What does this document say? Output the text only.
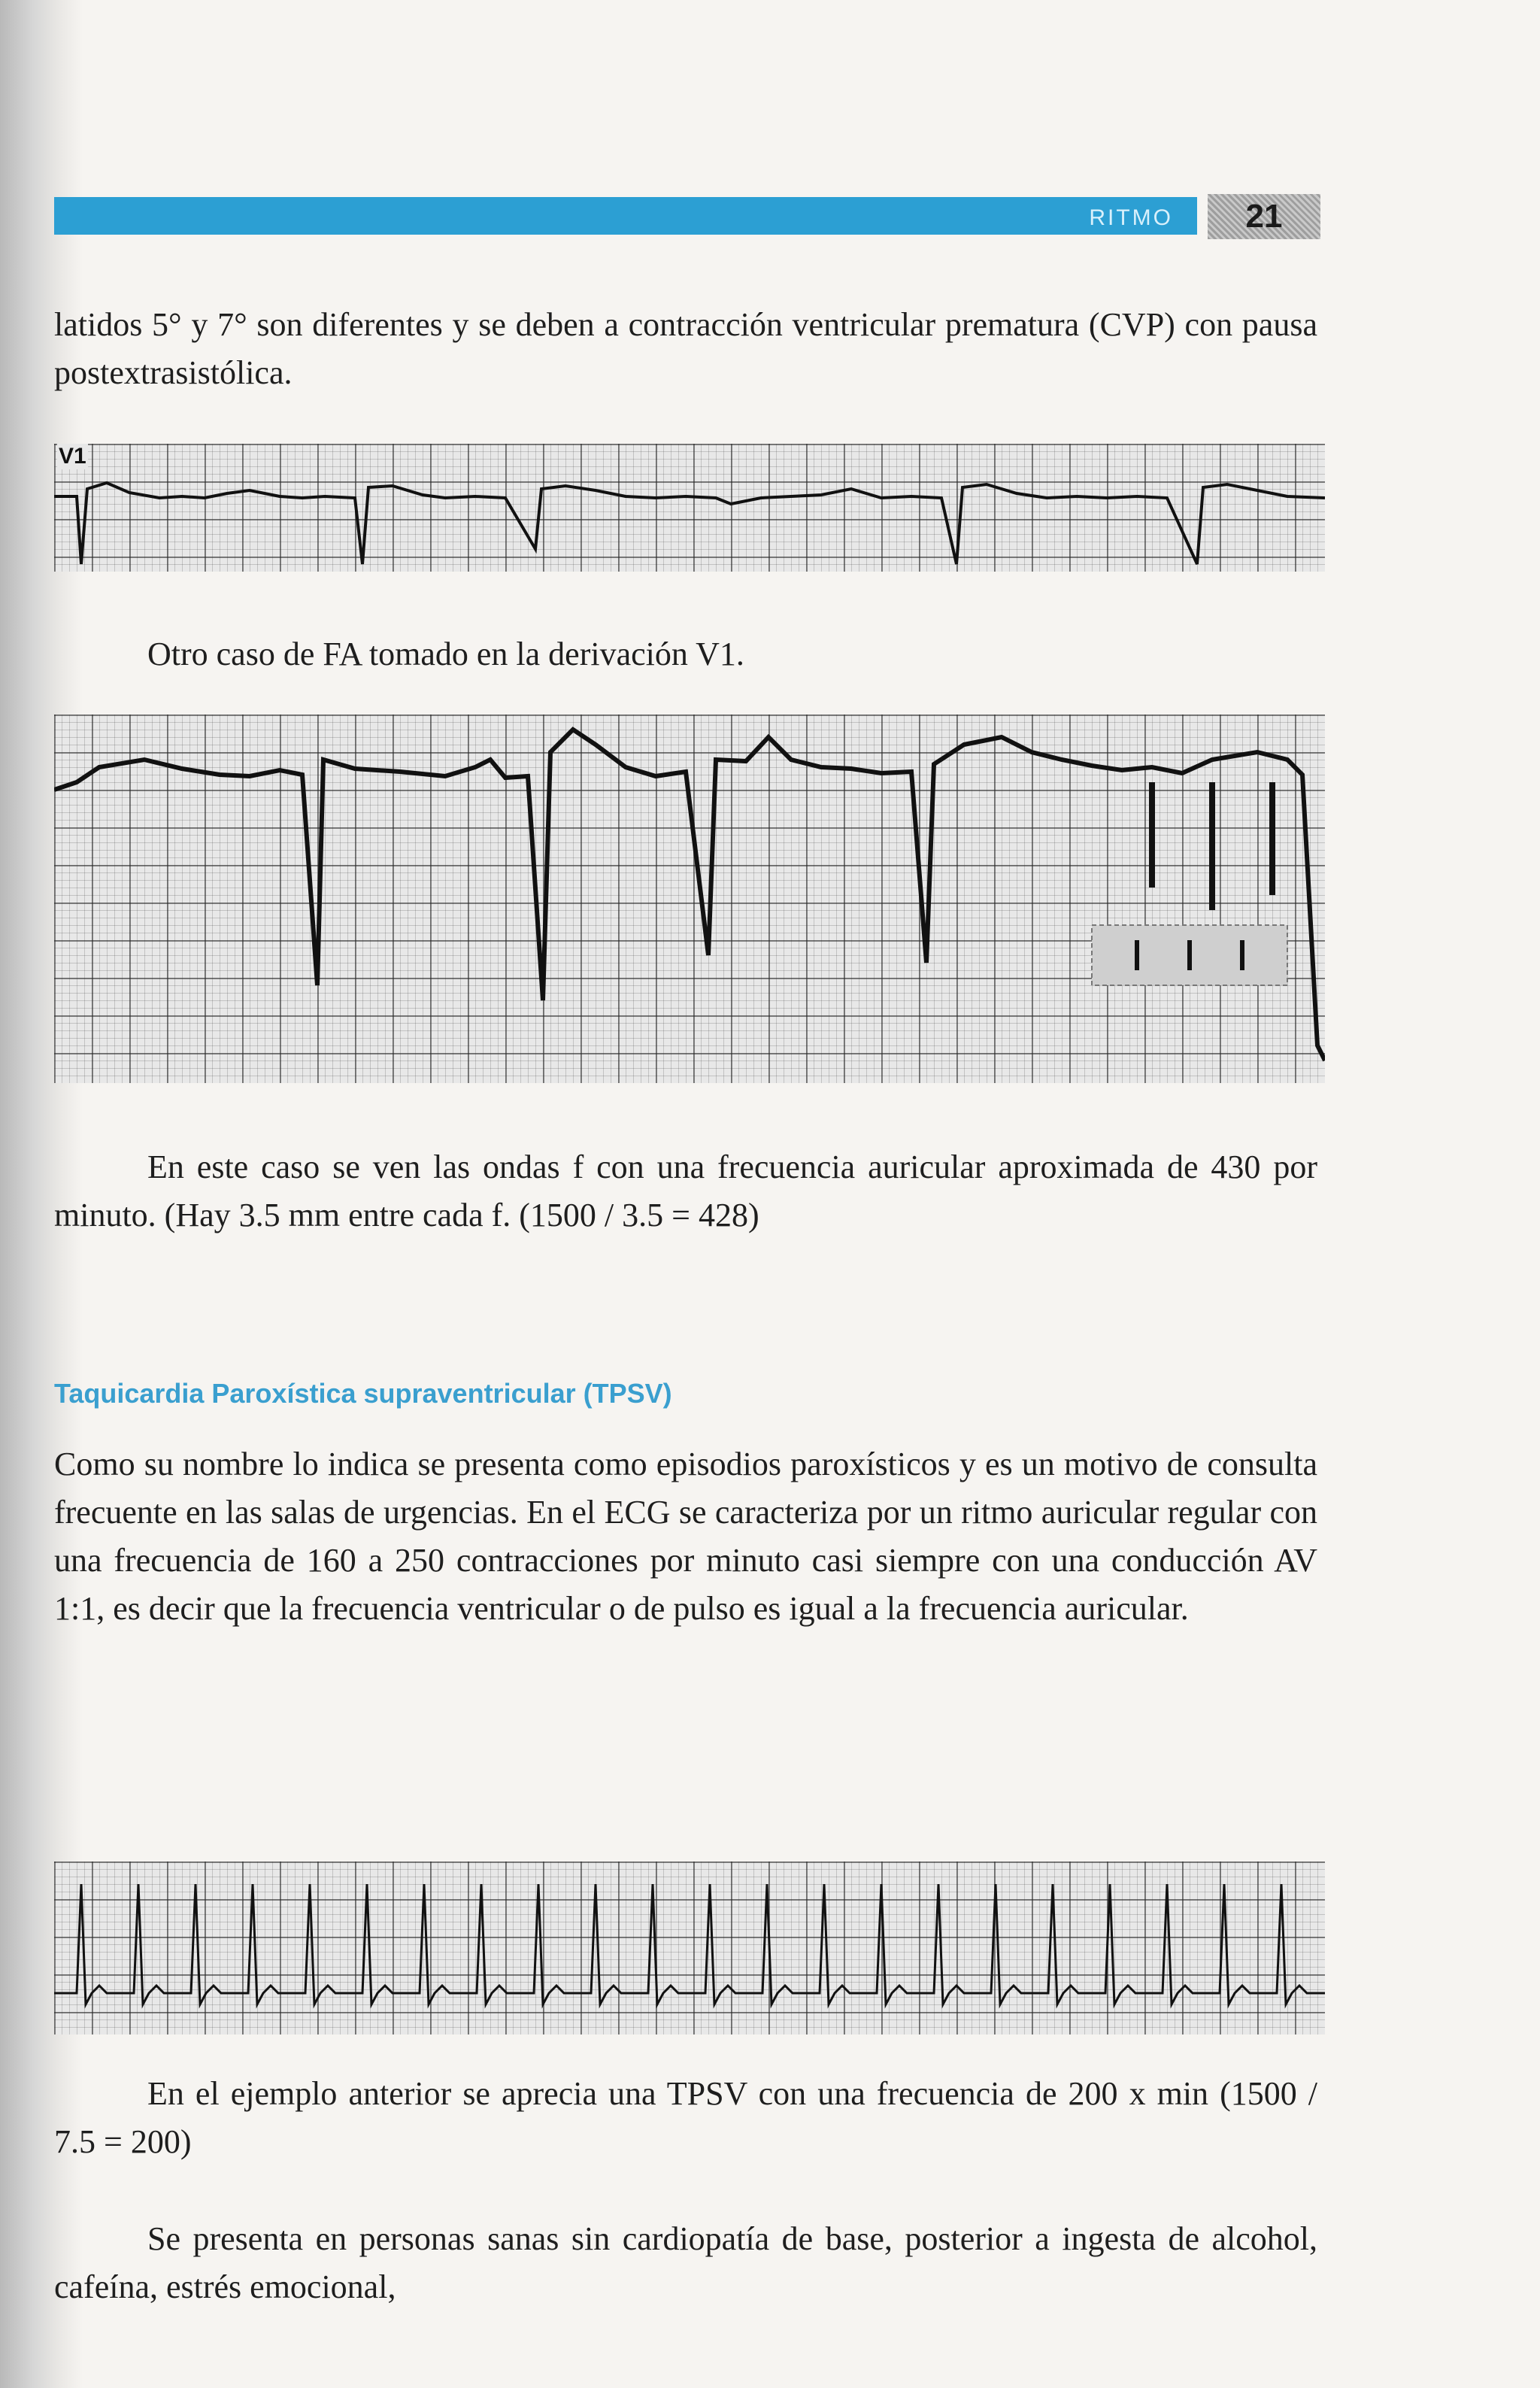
RITMO	21

latidos 5° y 7° son diferentes y se deben a contracción ventricular prematura (CVP) con pausa postextrasistólica.

V1

Otro caso de FA tomado en la derivación V1.

En este caso se ven las ondas f con una frecuencia auricular aproximada de 430 por minuto. (Hay 3.5 mm entre cada f. (1500 / 3.5 = 428)

Taquicardia Paroxística supraventricular (TPSV)

Como su nombre lo indica se presenta como episodios paroxísticos y es un motivo de consulta frecuente en las salas de urgencias. En el ECG se caracteriza por un ritmo auricular regular con una frecuencia de 160 a 250 contracciones por minuto casi siempre con una conducción AV 1:1, es decir que la frecuencia ventricular o de pulso es igual a la frecuencia auricular.

En el ejemplo anterior se aprecia una TPSV con una frecuencia de 200 x min (1500 / 7.5 = 200)

Se presenta en personas sanas sin cardiopatía de base, posterior a ingesta de alcohol, cafeína, estrés emocional,
